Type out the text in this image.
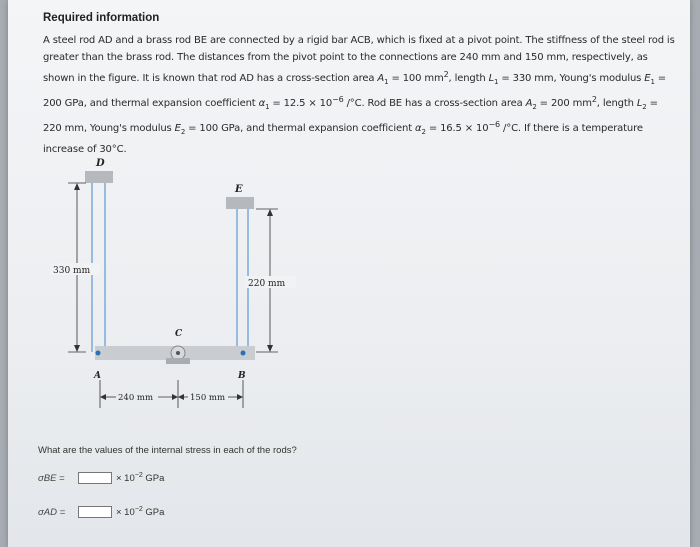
Required information
A steel rod AD and a brass rod BE are connected by a rigid bar ACB, which is fixed at a pivot point. The stiffness of the steel rod is greater than the brass rod. The distances from the pivot point to the connections are 240 mm and 150 mm, respectively, as shown in the figure. It is known that rod AD has a cross-section area $A_1 = 100$ $mm^2$, length $L_1 = 330$ mm, Young's modulus $E_1 = 200$ GPa, and thermal expansion coefficient $\alpha_1 = 12.5 \times 10^{-6}$ /°C. Rod BE has a cross-section area $A_2 = 200$ $mm^2$, length $L_2 = 220$ mm, Young's modulus $E_2 = 100$ GPa, and thermal expansion coefficient $\alpha_2 = 16.5 \times 10^{-6}$ /°C. If there is a temperature increase of 30°C.
D
E
330 mm
220 mm
A	B
C
240 mm	150 mm
What are the values of the internal stress in each of the rods?
σBE =	× $10^{-2}$ GPa
σAD =	× $10^{-2}$ GPa
